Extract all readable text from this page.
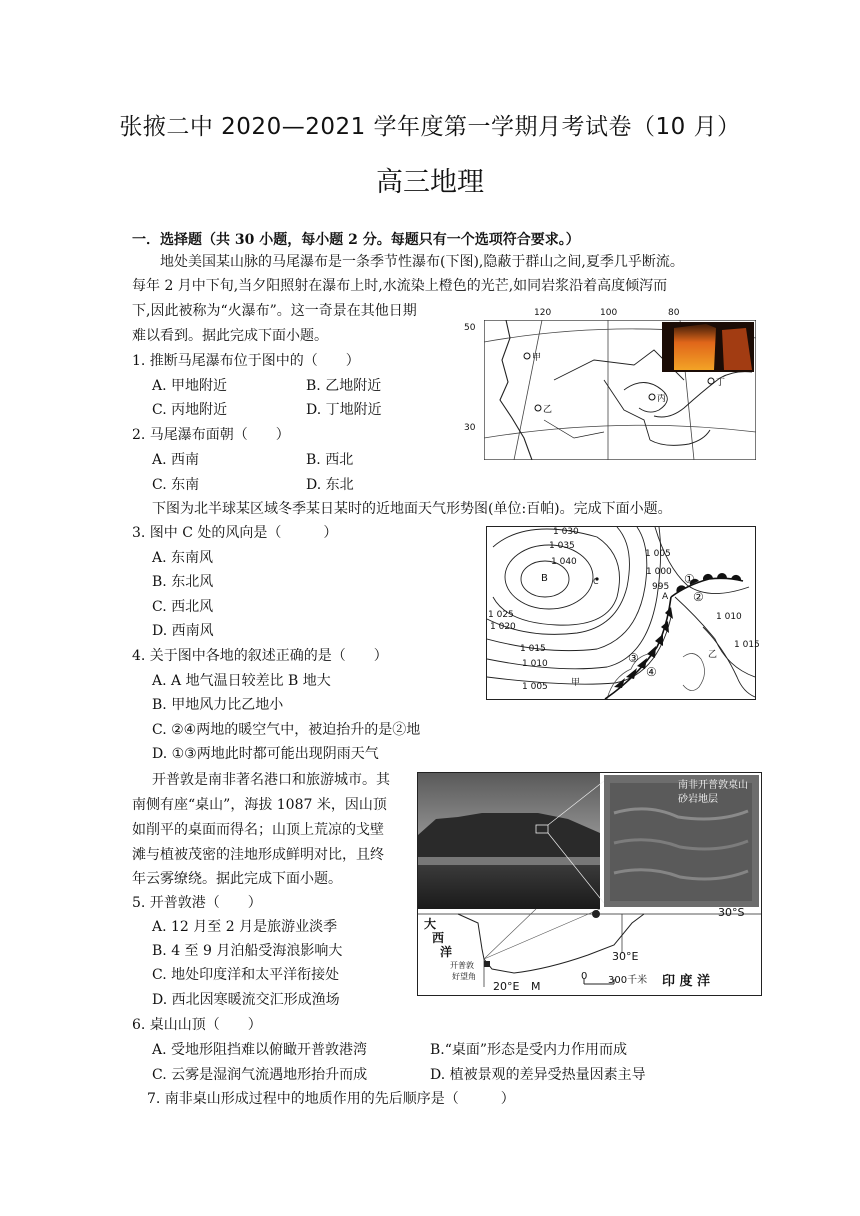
张掖二中 2020—2021 学年度第一学期月考试卷（10 月）
高三地理
一．选择题（共 30 小题，每小题 2 分。每题只有一个选项符合要求。）
地处美国某山脉的马尾瀑布是一条季节性瀑布(下图),隐蔽于群山之间,夏季几乎断流。
每年 2 月中下旬,当夕阳照射在瀑布上时,水流染上橙色的光芒,如同岩浆沿着高度倾泻而
下,因此被称为“火瀑布”。这一奇景在其他日期
难以看到。据此完成下面小题。
1. 推断马尾瀑布位于图中的（　　）
A. 甲地附近	B. 乙地附近
C. 丙地附近	D. 丁地附近
2. 马尾瀑布面朝（　　）
A. 西南	B. 西北
C. 东南	D. 东北
下图为北半球某区域冬季某日某时的近地面天气形势图(单位:百帕)。完成下面小题。
3. 图中 C 处的风向是（　　　）
A. 东南风
B. 东北风
C. 西北风
D. 西南风
4. 关于图中各地的叙述正确的是（　　）
A. A 地气温日较差比 B 地大
B. 甲地风力比乙地小
C. ②④两地的暖空气中，被迫抬升的是②地
D. ①③两地此时都可能出现阴雨天气
开普敦是南非著名港口和旅游城市。其
南侧有座“桌山”，海拔 1087 米，因山顶
如削平的桌面而得名；山顶上荒凉的戈壁
滩与植被茂密的洼地形成鲜明对比，且终
年云雾缭绕。据此完成下面小题。
5. 开普敦港（　　）
A. 12 月至 2 月是旅游业淡季
B. 4 至 9 月泊船受海浪影响大
C. 地处印度洋和太平洋衔接处
D. 西北因寒暖流交汇形成渔场
6. 桌山山顶（　　）
A. 受地形阻挡难以俯瞰开普敦港湾	B.“桌面”形态是受内力作用而成
C. 云雾是湿润气流遇地形抬升而成	D. 植被景观的差异受热量因素主导
7. 南非桌山形成过程中的地质作用的先后顺序是（　　　）
甲
乙
丙
丁
120	100	80
50
30
1 030
1 035
1 040
B	C
1 025
1 020
1 015
1 010
1 005
1 005
1 000
995
A
1 010
1 015
甲
乙
①
②
③
④
南非开普敦桌山
砂岩地层
30°S
大
西
洋	30°E
开普敦
好望角
20°E M
0 300千米 印 度 洋
